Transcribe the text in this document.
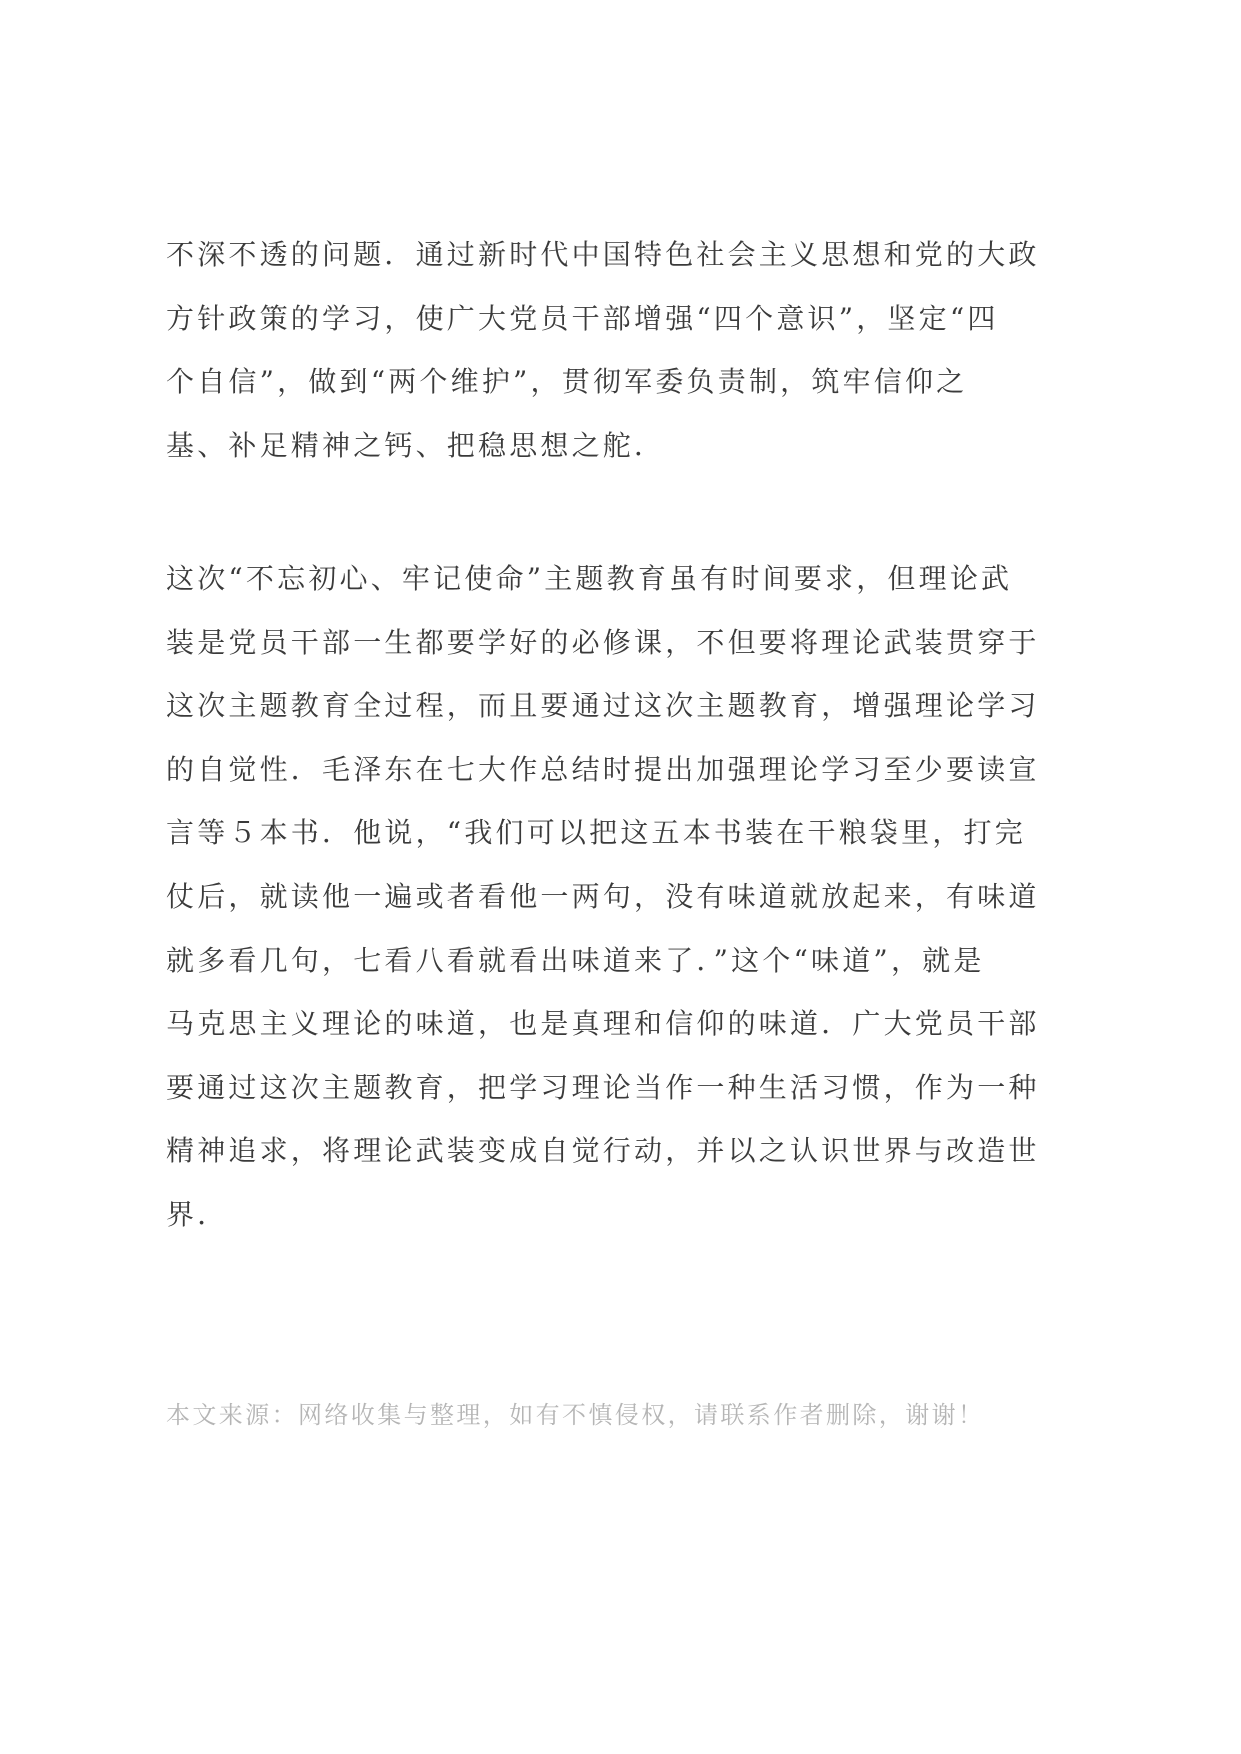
不深不透的问题．通过新时代中国特色社会主义思想和党的大政
方针政策的学习，使广大党员干部增强“四个意识”，坚定“四
个自信”，做到“两个维护”，贯彻军委负责制，筑牢信仰之
基、补足精神之钙、把稳思想之舵．

这次“不忘初心、牢记使命”主题教育虽有时间要求，但理论武
装是党员干部一生都要学好的必修课，不但要将理论武装贯穿于
这次主题教育全过程，而且要通过这次主题教育，增强理论学习
的自觉性．毛泽东在七大作总结时提出加强理论学习至少要读宣
言等５本书．他说，“我们可以把这五本书装在干粮袋里，打完
仗后，就读他一遍或者看他一两句，没有味道就放起来，有味道
就多看几句，七看八看就看出味道来了．”这个“味道”，就是
马克思主义理论的味道，也是真理和信仰的味道．广大党员干部
要通过这次主题教育，把学习理论当作一种生活习惯，作为一种
精神追求，将理论武装变成自觉行动，并以之认识世界与改造世
界．

本文来源：网络收集与整理，如有不慎侵权，请联系作者删除，谢谢！
